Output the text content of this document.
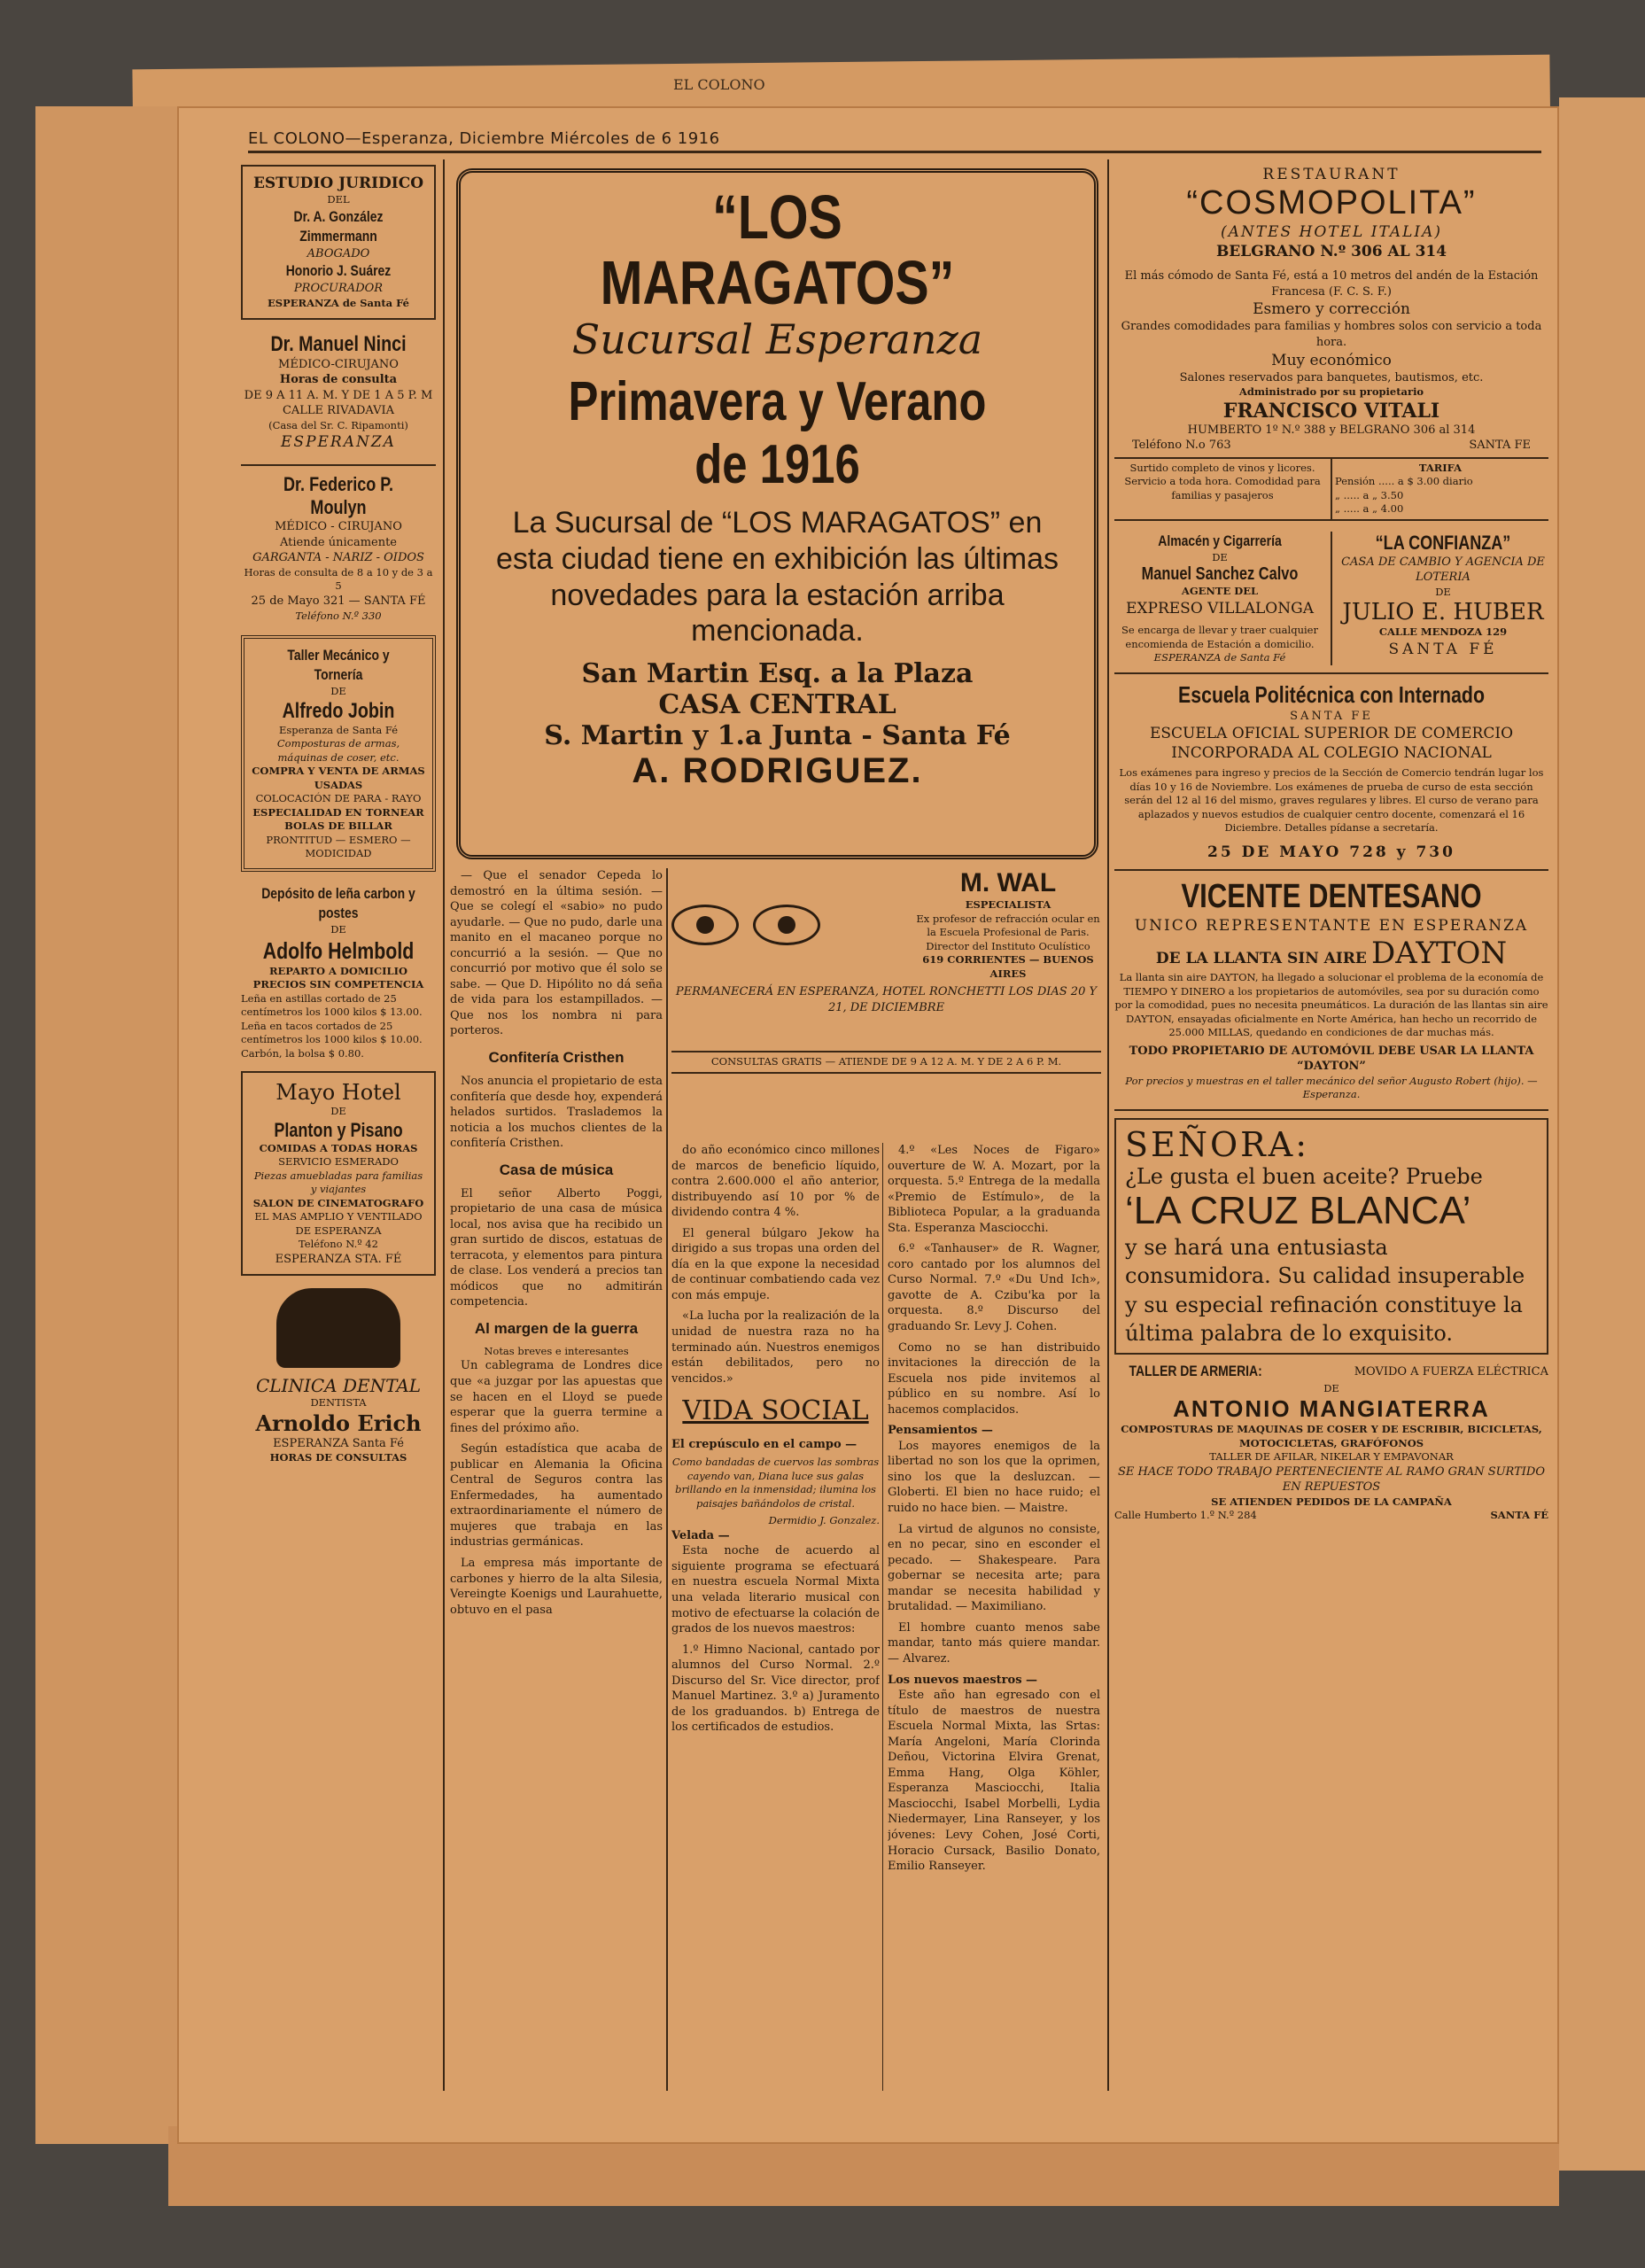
EL COLONO
EL COLONO—Esperanza, Diciembre Miércoles de 6 1916
ESTUDIO JURIDICO
DEL
Dr. A. González Zimmermann
ABOGADO
Honorio J. Suárez
PROCURADOR
ESPERANZA de Santa Fé
Dr. Manuel Ninci
MÉDICO-CIRUJANO
Horas de consulta
DE 9 A 11 A. M. Y DE 1 A 5 P. M
CALLE RIVADAVIA
(Casa del Sr. C. Ripamonti)
ESPERANZA
Dr. Federico P. Moulyn
MÉDICO - CIRUJANO
Atiende únicamente
GARGANTA - NARIZ - OIDOS
Horas de consulta de 8 a 10 y de 3 a 5
25 de Mayo 321 — SANTA FÉ
Teléfono N.º 330
Taller Mecánico y Tornería
DE
Alfredo Jobin
Esperanza de Santa Fé
Composturas de armas, máquinas de coser, etc.
COMPRA Y VENTA DE ARMAS USADAS
COLOCACIÓN DE PARA - RAYO
ESPECIALIDAD EN TORNEAR BOLAS DE BILLAR
PRONTITUD — ESMERO — MODICIDAD
Depósito de leña carbon y postes
DE
Adolfo Helmbold
REPARTO A DOMICILIO
PRECIOS SIN COMPETENCIA
Leña en astillas cortado de 25 centímetros los 1000 kilos $ 13.00.
Leña en tacos cortados de 25 centímetros los 1000 kilos $ 10.00.
Carbón, la bolsa $ 0.80.
Mayo Hotel
DE
Planton y Pisano
COMIDAS A TODAS HORAS
SERVICIO ESMERADO
Piezas amuebladas para familias y viajantes
SALON DE CINEMATOGRAFO
EL MAS AMPLIO Y VENTILADO DE ESPERANZA
Teléfono N.º 42
ESPERANZA STA. FÉ
CLINICA DENTAL
DENTISTA
Arnoldo Erich
ESPERANZA Santa Fé
HORAS DE CONSULTAS
“LOS MARAGATOS”
Sucursal Esperanza
Primavera y Verano de 1916
La Sucursal de “LOS MARAGATOS” en esta ciudad tiene en exhibición las últimas novedades para la estación arriba mencionada.
San Martin Esq. a la Plaza
CASA CENTRAL
S. Martin y 1.a Junta - Santa Fé
A. RODRIGUEZ.

— Que el senador Cepeda lo demostró en la última sesión. — Que se colegí el «sabio» no pudo ayudarle. — Que no pudo, darle una manito en el macaneo porque no concurrió a la sesión. — Que no concurrió por motivo que él solo se sabe. — Que D. Hipólito no dá seña de vida para los estampillados. — Que nos los nombra ni para porteros.

Confitería Cristhen

Nos anuncia el propietario de esta confitería que desde hoy, expenderá helados surtidos. Traslademos la noticia a los muchos clientes de la confitería Cristhen.

Casa de música

El señor Alberto Poggi, propietario de una casa de música local, nos avisa que ha recibido un gran surtido de discos, estatuas de terracota, y elementos para pintura de clase. Los venderá a precios tan módicos que no admitirán competencia.

Al margen de la guerra
Notas breves e interesantes

Un cablegrama de Londres dice que «a juzgar por las apuestas que se hacen en el Lloyd se puede esperar que la guerra termine a fines del próximo año.

Según estadística que acaba de publicar en Alemania la Oficina Central de Seguros contra las Enfermedades, ha aumentado extraordinariamente el número de mujeres que trabaja en las industrias germánicas.

La empresa más importante de carbones y hierro de la alta Silesia, Vereingte Koenigs und Laurahuette, obtuvo en el pasa

M. WAL
ESPECIALISTA
Ex profesor de refracción ocular en la Escuela Profesional de Paris. Director del Instituto Oculístico
619 CORRIENTES — BUENOS AIRES
PERMANECERÁ EN ESPERANZA, HOTEL RONCHETTI LOS DIAS 20 Y 21, DE DICIEMBRE
CONSULTAS GRATIS — ATIENDE DE 9 A 12 A. M. Y DE 2 A 6 P. M.

do año económico cinco millones de marcos de beneficio líquido, contra 2.600.000 el año anterior, distribuyendo así 10 por % de dividendo contra 4 %.

El general búlgaro Jekow ha dirigido a sus tropas una orden del día en la que expone la necesidad de continuar combatiendo cada vez con más empuje.

«La lucha por la realización de la unidad de nuestra raza no ha terminado aún. Nuestros enemigos están debilitados, pero no vencidos.»

VIDA SOCIAL
El crepúsculo en el campo —
Como bandadas de cuervos las sombras cayendo van, Diana luce sus galas brillando en la inmensidad; ilumina los paisajes bañándolos de cristal.
Dermidio J. Gonzalez.
Velada —

Esta noche de acuerdo al siguiente programa se efectuará en nuestra escuela Normal Mixta una velada literario musical con motivo de efectuarse la colación de grados de los nuevos maestros:

1.º Himno Nacional, cantado por alumnos del Curso Normal. 2.º Discurso del Sr. Vice director, prof Manuel Martinez. 3.º a) Juramento de los graduandos. b) Entrega de los certificados de estudios.

4.º «Les Noces de Figaro» ouverture de W. A. Mozart, por la orquesta. 5.º Entrega de la medalla «Premio de Estímulo», de la Biblioteca Popular, a la graduanda Sta. Esperanza Masciocchi.

6.º «Tanhauser» de R. Wagner, coro cantado por los alumnos del Curso Normal. 7.º «Du Und Ich», gavotte de A. Czibu'ka por la orquesta. 8.º Discurso del graduando Sr. Levy J. Cohen.

Como no se han distribuido invitaciones la dirección de la Escuela nos pide invitemos al público en su nombre. Así lo hacemos complacidos.

Pensamientos —

Los mayores enemigos de la libertad no son los que la oprimen, sino los que la desluzcan. — Globerti. El bien no hace ruido; el ruido no hace bien. — Maistre.

La virtud de algunos no consiste, en no pecar, sino en esconder el pecado. — Shakespeare. Para gobernar se necesita arte; para mandar se necesita habilidad y brutalidad. — Maximiliano.

El hombre cuanto menos sabe mandar, tanto más quiere mandar. — Alvarez.

Los nuevos maestros —

Este año han egresado con el título de maestros de nuestra Escuela Normal Mixta, las Srtas: María Angeloni, María Clorinda Deñou, Victorina Elvira Grenat, Emma Hang, Olga Köhler, Esperanza Masciocchi, Italia Masciocchi, Isabel Morbelli, Lydia Niedermayer, Lina Ranseyer, y los jóvenes: Levy Cohen, José Corti, Horacio Cursack, Basilio Donato, Emilio Ranseyer.

RESTAURANT
“COSMOPOLITA”
(ANTES HOTEL ITALIA)
BELGRANO N.º 306 AL 314
El más cómodo de Santa Fé, está a 10 metros del andén de la Estación Francesa (F. C. S. F.)
Esmero y corrección
Grandes comodidades para familias y hombres solos con servicio a toda hora.
Muy económico
Salones reservados para banquetes, bautismos, etc.
Administrado por su propietario
FRANCISCO VITALI
HUMBERTO 1º N.º 388 y BELGRANO 306 al 314
Teléfono N.o 763	SANTA FE
Surtido completo de vinos y licores. Servicio a toda hora. Comodidad para familias y pasajeros
TARIFA
Pensión ..... a $ 3.00 diario
„ ..... a „ 3.50
„ ..... a „ 4.00
Almacén y Cigarrería
DE
Manuel Sanchez Calvo
AGENTE DEL
EXPRESO VILLALONGA
Se encarga de llevar y traer cualquier encomienda de Estación a domicilio.
ESPERANZA de Santa Fé
“LA CONFIANZA”
CASA DE CAMBIO Y AGENCIA DE LOTERIA
DE
JULIO E. HUBER
CALLE MENDOZA 129
SANTA FÉ
Escuela Politécnica con Internado
SANTA FE
ESCUELA OFICIAL SUPERIOR DE COMERCIO
INCORPORADA AL COLEGIO NACIONAL
Los exámenes para ingreso y precios de la Sección de Comercio tendrán lugar los días 10 y 16 de Noviembre. Los exámenes de prueba de curso de esta sección serán del 12 al 16 del mismo, graves regulares y libres. El curso de verano para aplazados y nuevos estudios de cualquier centro docente, comenzará el 16 Diciembre. Detalles pídanse a secretaría.
25 DE MAYO 728 y 730
VICENTE DENTESANO
UNICO REPRESENTANTE EN ESPERANZA
DE LA LLANTA SIN AIRE DAYTON
La llanta sin aire DAYTON, ha llegado a solucionar el problema de la economía de TIEMPO Y DINERO a los propietarios de automóviles, sea por su duración como por la comodidad, pues no necesita pneumáticos. La duración de las llantas sin aire DAYTON, ensayadas oficialmente en Norte América, han hecho un recorrido de 25.000 MILLAS, quedando en condiciones de dar muchas más.
TODO PROPIETARIO DE AUTOMÓVIL DEBE USAR LA LLANTA “DAYTON”
Por precios y muestras en el taller mecánico del señor Augusto Robert (hijo). — Esperanza.
SEÑORA:
¿Le gusta el buen aceite? Pruebe
‘LA CRUZ BLANCA’
y se hará una entusiasta consumidora. Su calidad insuperable y su especial refinación constituye la última palabra de lo exquisito.
TALLER DE ARMERIA:	MOVIDO A FUERZA ELÉCTRICA
DE
ANTONIO MANGIATERRA
COMPOSTURAS DE MAQUINAS DE COSER Y DE ESCRIBIR, BICICLETAS, MOTOCICLETAS, GRAFÓFONOS
TALLER DE AFILAR, NIKELAR Y EMPAVONAR
SE HACE TODO TRABAJO PERTENECIENTE AL RAMO GRAN SURTIDO EN REPUESTOS
SE ATIENDEN PEDIDOS DE LA CAMPAÑA
Calle Humberto 1.º N.º 284	SANTA FÉ
